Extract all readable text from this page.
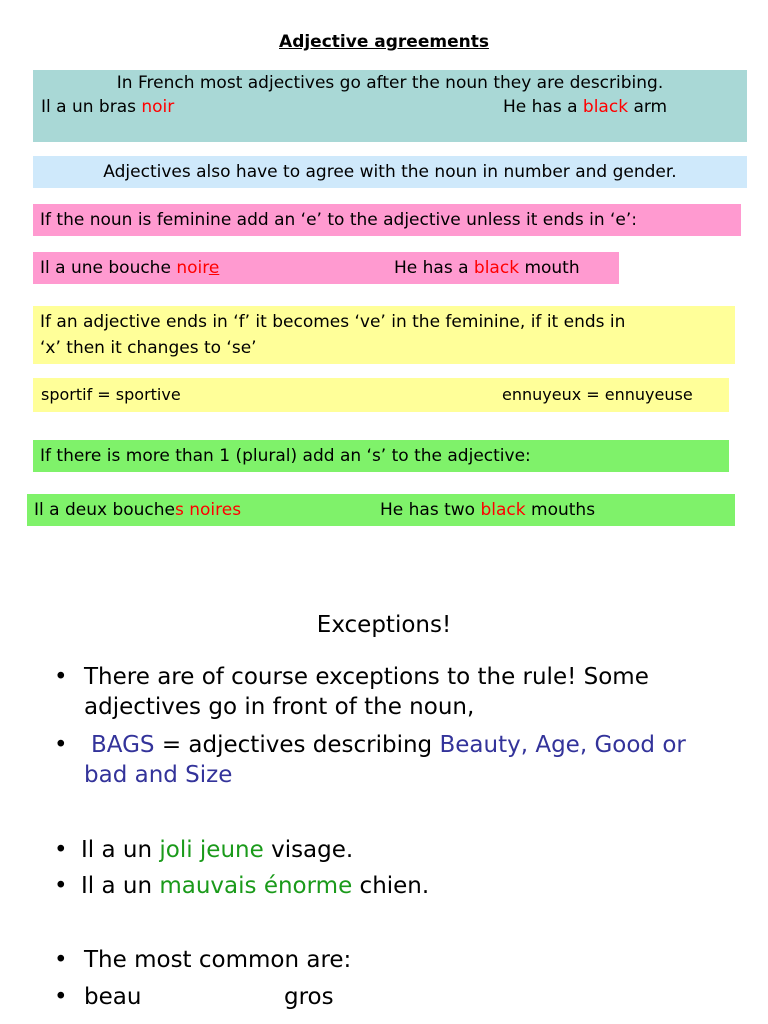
Adjective agreements
In French most adjectives go after the noun they are describing.
Il a un bras noir	He has a black arm
Adjectives also have to agree with the noun in number and gender.
If the noun is feminine add an ‘e’ to the adjective unless it ends in ‘e’:
Il a une bouche noire	He has a black mouth
If an adjective ends in ‘f’ it becomes ‘ve’ in the feminine, if it ends in
‘x’ then it changes to ‘se’
sportif = sportive	ennuyeux = ennuyeuse
If there is more than 1 (plural) add an ‘s’ to the adjective:
Il a deux bouches noires	He has two black mouths
Exceptions!
• There are of course exceptions to the rule! Some
adjectives go in front of the noun,
•	BAGS = adjectives describing Beauty, Age, Good or
bad and Size
• Il a un joli jeune visage.
• Il a un mauvais énorme chien.
• The most common are:
• beau	gros
